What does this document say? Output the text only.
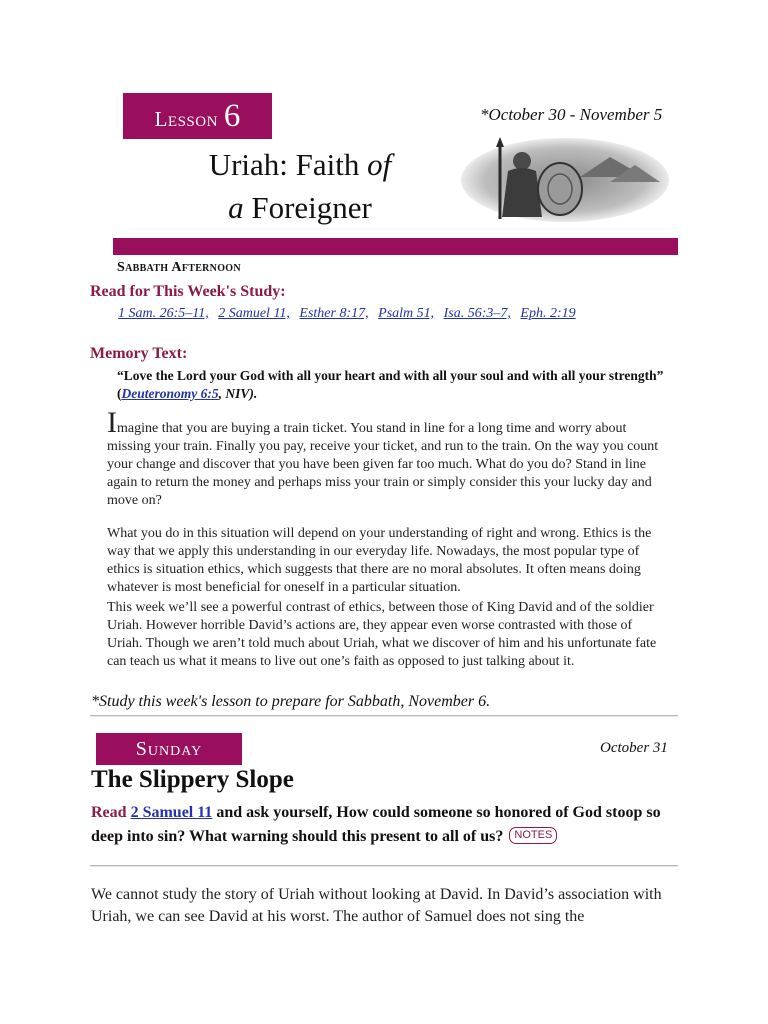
Lesson 6	*October 30 - November 5
Uriah: Faith of
a Foreigner
Sabbath Afternoon
Read for This Week's Study:
1 Sam. 26:5–11, 2 Samuel 11, Esther 8:17, Psalm 51, Isa. 56:3–7, Eph. 2:19
Memory Text:
“Love the Lord your God with all your heart and with all your soul and with all your strength” (Deuteronomy 6:5, NIV).
Imagine that you are buying a train ticket. You stand in line for a long time and worry about missing your train. Finally you pay, receive your ticket, and run to the train. On the way you count your change and discover that you have been given far too much. What do you do? Stand in line again to return the money and perhaps miss your train or simply consider this your lucky day and move on?
What you do in this situation will depend on your understanding of right and wrong. Ethics is the way that we apply this understanding in our everyday life. Nowadays, the most popular type of ethics is situation ethics, which suggests that there are no moral absolutes. It often means doing whatever is most beneficial for oneself in a particular situation.
This week we’ll see a powerful contrast of ethics, between those of King David and of the soldier Uriah. However horrible David’s actions are, they appear even worse contrasted with those of Uriah. Though we aren’t told much about Uriah, what we discover of him and his unfortunate fate can teach us what it means to live out one’s faith as opposed to just talking about it.
*Study this week's lesson to prepare for Sabbath, November 6.
Sunday	October 31
The Slippery Slope
Read 2 Samuel 11 and ask yourself, How could someone so honored of God stoop so deep into sin? What warning should this present to all of us? NOTES
We cannot study the story of Uriah without looking at David. In David’s association with Uriah, we can see David at his worst. The author of Samuel does not sing the
